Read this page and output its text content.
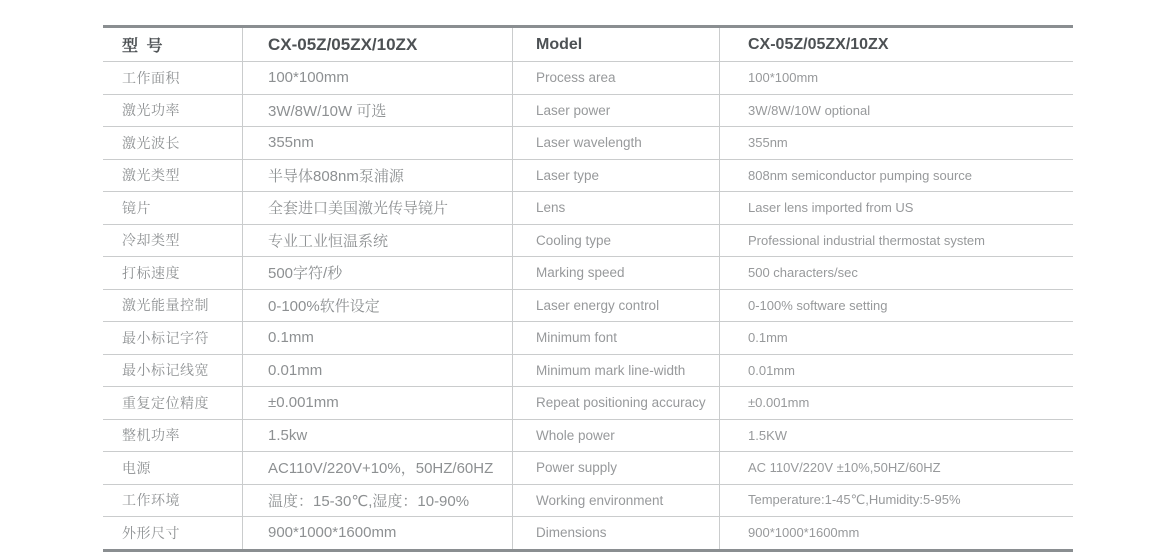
型 号	CX-05Z/05ZX/10ZX	Model	CX-05Z/05ZX/10ZX
工作面积	100*100mm	Process area	100*100mm
激光功率	3W/8W/10W 可选	Laser power	3W/8W/10W optional
激光波长	355nm	Laser wavelength	355nm
激光类型	半导体808nm泵浦源	Laser type	808nm semiconductor pumping source
镜片	全套进口美国激光传导镜片	Lens	Laser lens imported from US
冷却类型	专业工业恒温系统	Cooling type	Professional industrial thermostat system
打标速度	500字符/秒	Marking speed	500 characters/sec
激光能量控制	0-100%软件设定	Laser energy control	0-100% software setting
最小标记字符	0.1mm	Minimum font	0.1mm
最小标记线宽	0.01mm	Minimum mark line-width	0.01mm
重复定位精度	±0.001mm	Repeat positioning accuracy	±0.001mm
整机功率	1.5kw	Whole power	1.5KW
电源	AC110V/220V+10%，50HZ/60HZ	Power supply	AC 110V/220V ±10%,50HZ/60HZ
工作环境	温度：15-30℃,湿度：10-90%	Working environment	Temperature:1-45℃,Humidity:5-95%
外形尺寸	900*1000*1600mm	Dimensions	900*1000*1600mm
